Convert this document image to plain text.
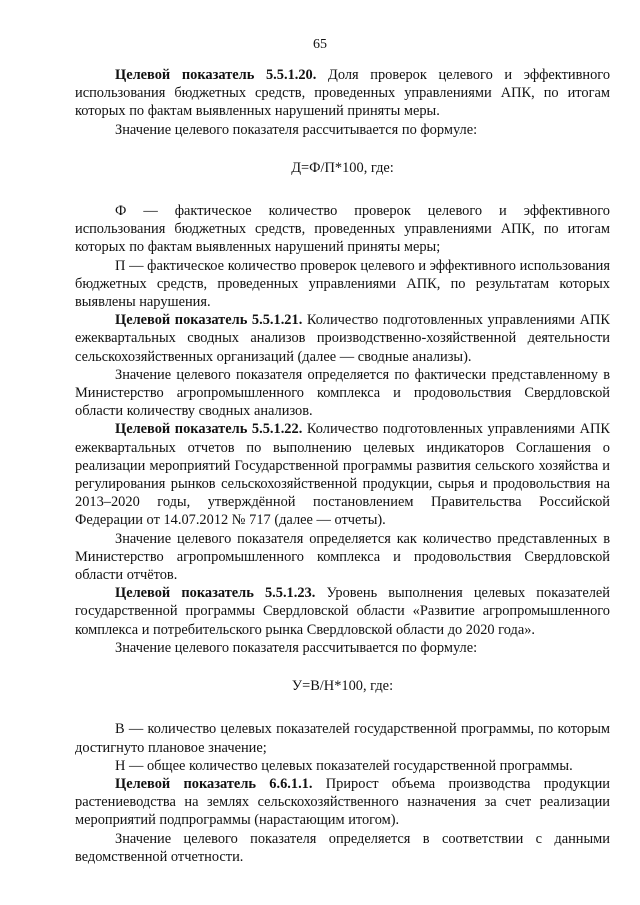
65

Целевой показатель 5.5.1.20. Доля проверок целевого и эффективного использования бюджетных средств, проведенных управлениями АПК, по итогам которых по фактам выявленных нарушений приняты меры.

Значение целевого показателя рассчитывается по формуле:

Д=Ф/П*100, где:

Ф — фактическое количество проверок целевого и эффективного использования бюджетных средств, проведенных управлениями АПК, по итогам которых по фактам выявленных нарушений приняты меры;

П — фактическое количество проверок целевого и эффективного использования бюджетных средств, проведенных управлениями АПК, по результатам которых выявлены нарушения.

Целевой показатель 5.5.1.21. Количество подготовленных управлениями АПК ежеквартальных сводных анализов производственно-хозяйственной деятельности сельскохозяйственных организаций (далее — сводные анализы).

Значение целевого показателя определяется по фактически представленному в Министерство агропромышленного комплекса и продовольствия Свердловской области количеству сводных анализов.

Целевой показатель 5.5.1.22. Количество подготовленных управлениями АПК ежеквартальных отчетов по выполнению целевых индикаторов Соглашения о реализации мероприятий Государственной программы развития сельского хозяйства и регулирования рынков сельскохозяйственной продукции, сырья и продовольствия на 2013–2020 годы, утверждённой постановлением Правительства Российской Федерации от 14.07.2012 № 717 (далее — отчеты).

Значение целевого показателя определяется как количество представленных в Министерство агропромышленного комплекса и продовольствия Свердловской области отчётов.

Целевой показатель 5.5.1.23. Уровень выполнения целевых показателей государственной программы Свердловской области «Развитие агропромышленного комплекса и потребительского рынка Свердловской области до 2020 года».

Значение целевого показателя рассчитывается по формуле:

У=В/Н*100, где:

В — количество целевых показателей государственной программы, по которым достигнуто плановое значение;

Н — общее количество целевых показателей государственной программы.

Целевой показатель 6.6.1.1. Прирост объема производства продукции растениеводства на землях сельскохозяйственного назначения за счет реализации мероприятий подпрограммы (нарастающим итогом).

Значение целевого показателя определяется в соответствии с данными ведомственной отчетности.
